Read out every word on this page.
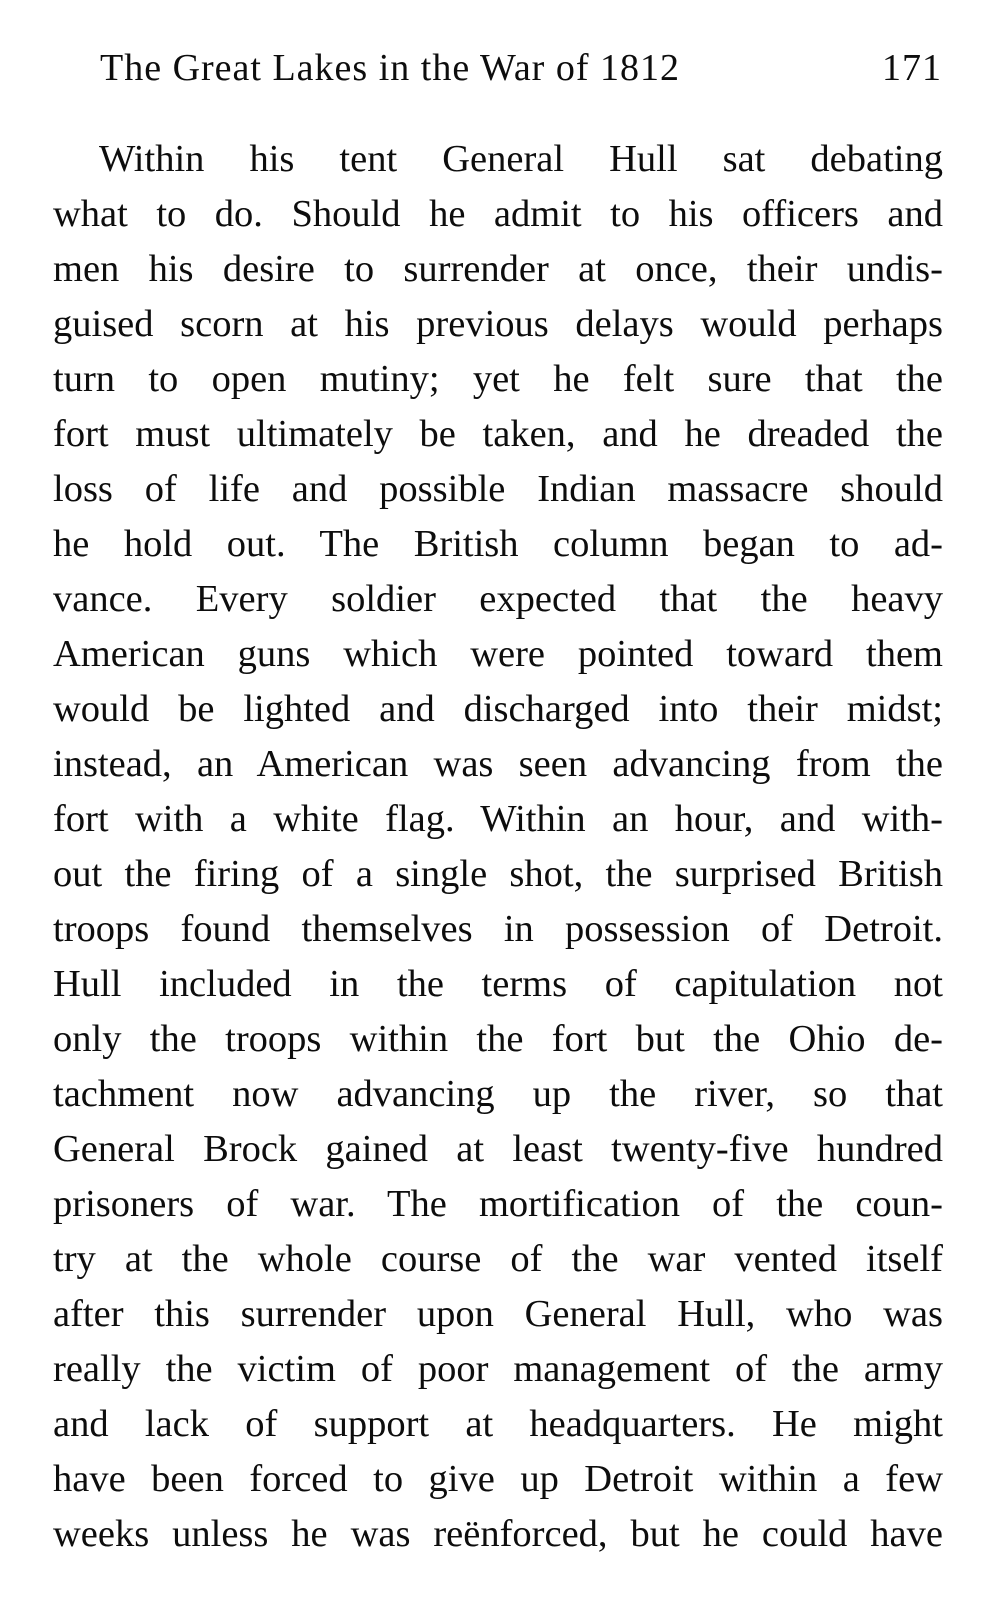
The Great Lakes in the War of 1812	171
Within his tent General Hull sat debating
what to do. Should he admit to his officers and
men his desire to surrender at once, their undis-
guised scorn at his previous delays would perhaps
turn to open mutiny; yet he felt sure that the
fort must ultimately be taken, and he dreaded the
loss of life and possible Indian massacre should
he hold out. The British column began to ad-
vance. Every soldier expected that the heavy
American guns which were pointed toward them
would be lighted and discharged into their midst;
instead, an American was seen advancing from the
fort with a white flag. Within an hour, and with-
out the firing of a single shot, the surprised British
troops found themselves in possession of Detroit.
Hull included in the terms of capitulation not
only the troops within the fort but the Ohio de-
tachment now advancing up the river, so that
General Brock gained at least twenty-five hundred
prisoners of war. The mortification of the coun-
try at the whole course of the war vented itself
after this surrender upon General Hull, who was
really the victim of poor management of the army
and lack of support at headquarters. He might
have been forced to give up Detroit within a few
weeks unless he was reënforced, but he could have
